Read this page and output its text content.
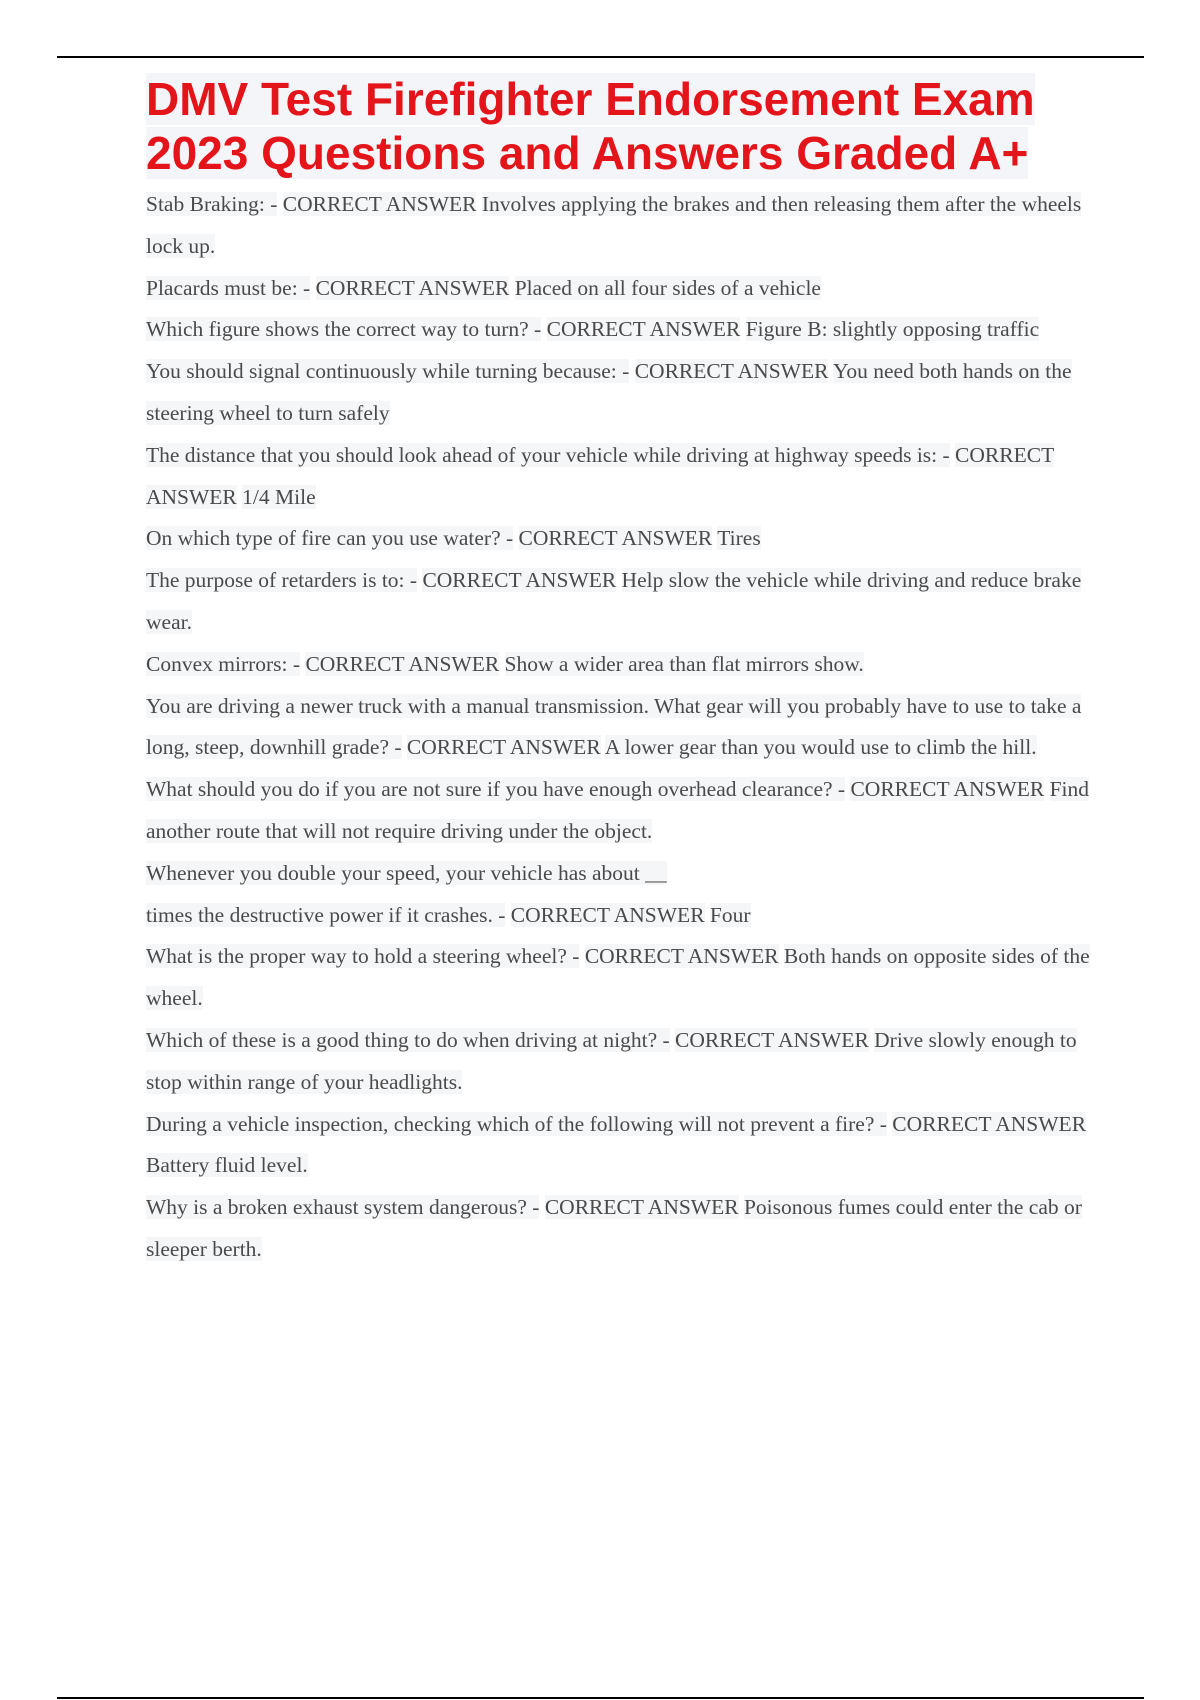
DMV Test Firefighter Endorsement Exam
2023 Questions and Answers Graded A+

Stab Braking: - CORRECT ANSWER Involves applying the brakes and then releasing them after the wheels lock up.

Placards must be: - CORRECT ANSWER Placed on all four sides of a vehicle

Which figure shows the correct way to turn? - CORRECT ANSWER Figure B: slightly opposing traffic

You should signal continuously while turning because: - CORRECT ANSWER You need both hands on the steering wheel to turn safely

The distance that you should look ahead of your vehicle while driving at highway speeds is: - CORRECT ANSWER 1/4 Mile

On which type of fire can you use water? - CORRECT ANSWER Tires

The purpose of retarders is to: - CORRECT ANSWER Help slow the vehicle while driving and reduce brake wear.

Convex mirrors: - CORRECT ANSWER Show a wider area than flat mirrors show.

You are driving a newer truck with a manual transmission. What gear will you probably have to use to take a long, steep, downhill grade? - CORRECT ANSWER A lower gear than you would use to climb the hill.

What should you do if you are not sure if you have enough overhead clearance? - CORRECT ANSWER Find another route that will not require driving under the object.

Whenever you double your speed, your vehicle has about __
times the destructive power if it crashes. - CORRECT ANSWER Four

What is the proper way to hold a steering wheel? - CORRECT ANSWER Both hands on opposite sides of the wheel.

Which of these is a good thing to do when driving at night? - CORRECT ANSWER Drive slowly enough to stop within range of your headlights.

During a vehicle inspection, checking which of the following will not prevent a fire? - CORRECT ANSWER Battery fluid level.

Why is a broken exhaust system dangerous? - CORRECT ANSWER Poisonous fumes could enter the cab or sleeper berth.
